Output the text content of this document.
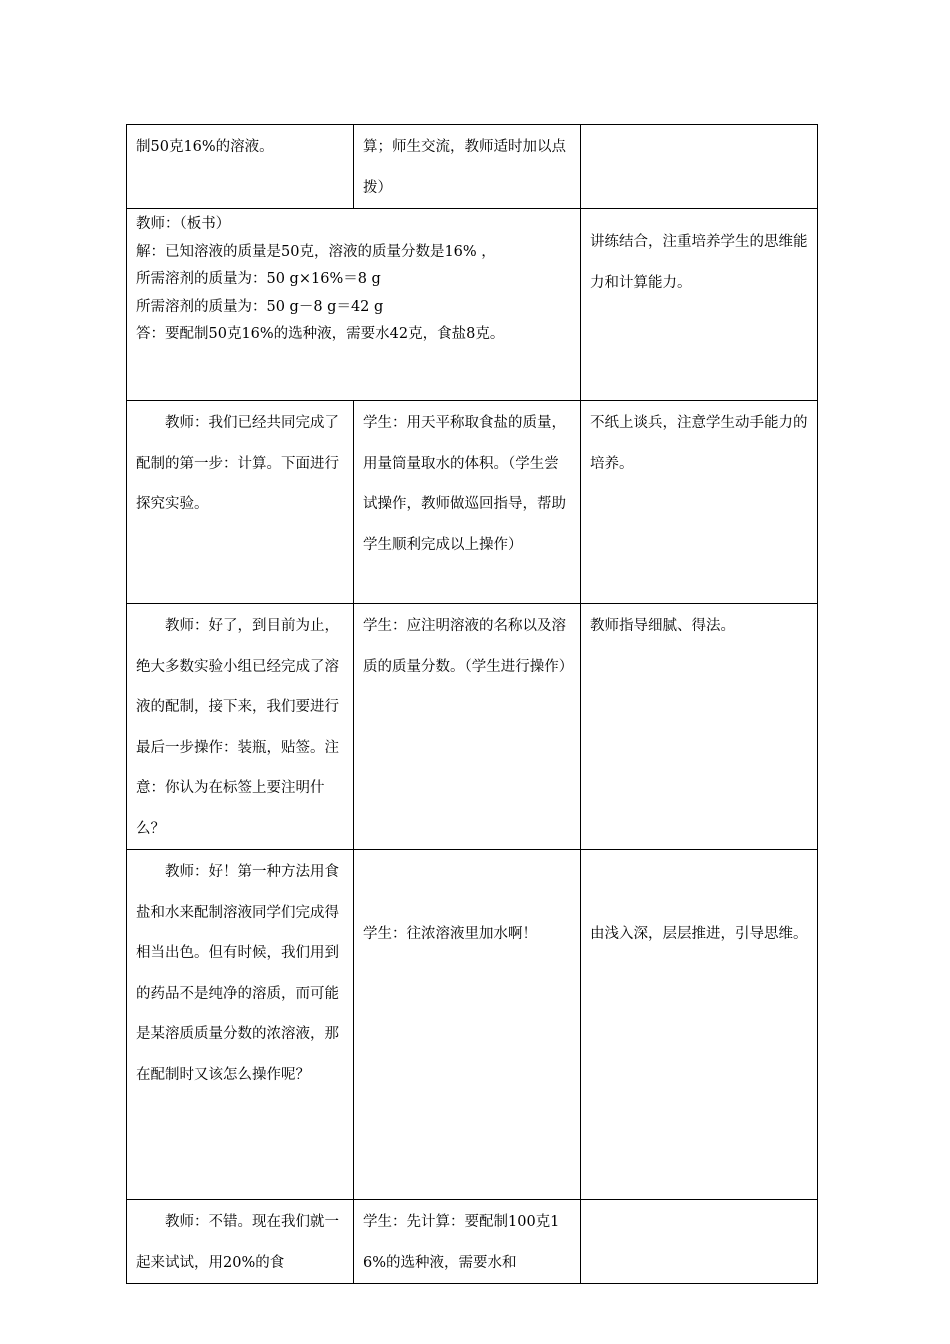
制50克16%的溶液。	算；师生交流，教师适时加以点拨）	

教师：（板书）
解：已知溶液的质量是50克，溶液的质量分数是16% ，
所需溶剂的质量为：50 g×16%＝8 g
所需溶剂的质量为：50 g－8 g＝42 g
答：要配制50克16%的选种液，需要水42克，食盐8克。		讲练结合，注重培养学生的思维能力和计算能力。
教师：我们已经共同完成了配制的第一步：计算。下面进行探究实验。	学生：用天平称取食盐的质量，用量筒量取水的体积。（学生尝试操作，教师做巡回指导，帮助学生顺利完成以上操作）	不纸上谈兵，注意学生动手能力的培养。
教师：好了，到目前为止，绝大多数实验小组已经完成了溶液的配制，接下来，我们要进行最后一步操作：装瓶，贴签。注意：你认为在标签上要注明什么？	学生：应注明溶液的名称以及溶质的质量分数。（学生进行操作）	教师指导细腻、得法。
教师：好！第一种方法用食盐和水来配制溶液同学们完成得相当出色。但有时候，我们用到的药品不是纯净的溶质，而可能是某溶质质量分数的浓溶液，那在配制时又该怎么操作呢？	学生：往浓溶液里加水啊！	由浅入深，层层推进，引导思维。
教师：不错。现在我们就一起来试试，用20%的食	学生：先计算：要配制100克16%的选种液，需要水和	
